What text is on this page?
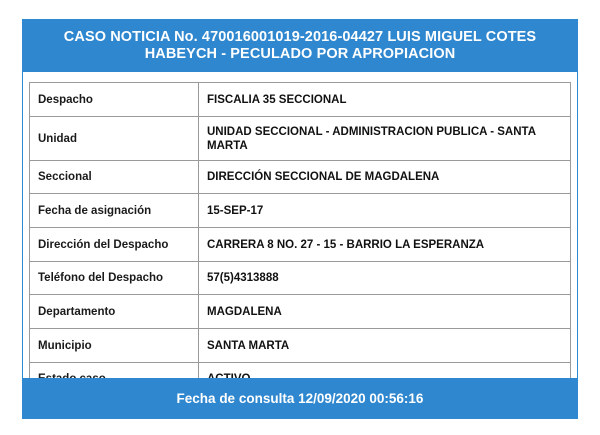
CASO NOTICIA No. 470016001019-2016-04427 LUIS MIGUEL COTES HABEYCH - PECULADO POR APROPIACION
Despacho	FISCALIA 35 SECCIONAL
Unidad	UNIDAD SECCIONAL - ADMINISTRACION PUBLICA - SANTA MARTA
Seccional	DIRECCIÓN SECCIONAL DE MAGDALENA
Fecha de asignación	15-SEP-17
Dirección del Despacho	CARRERA 8 NO. 27 - 15 - BARRIO LA ESPERANZA
Teléfono del Despacho	57(5)4313888
Departamento	MAGDALENA
Municipio	SANTA MARTA

Fecha de consulta 12/09/2020 00:56:16
